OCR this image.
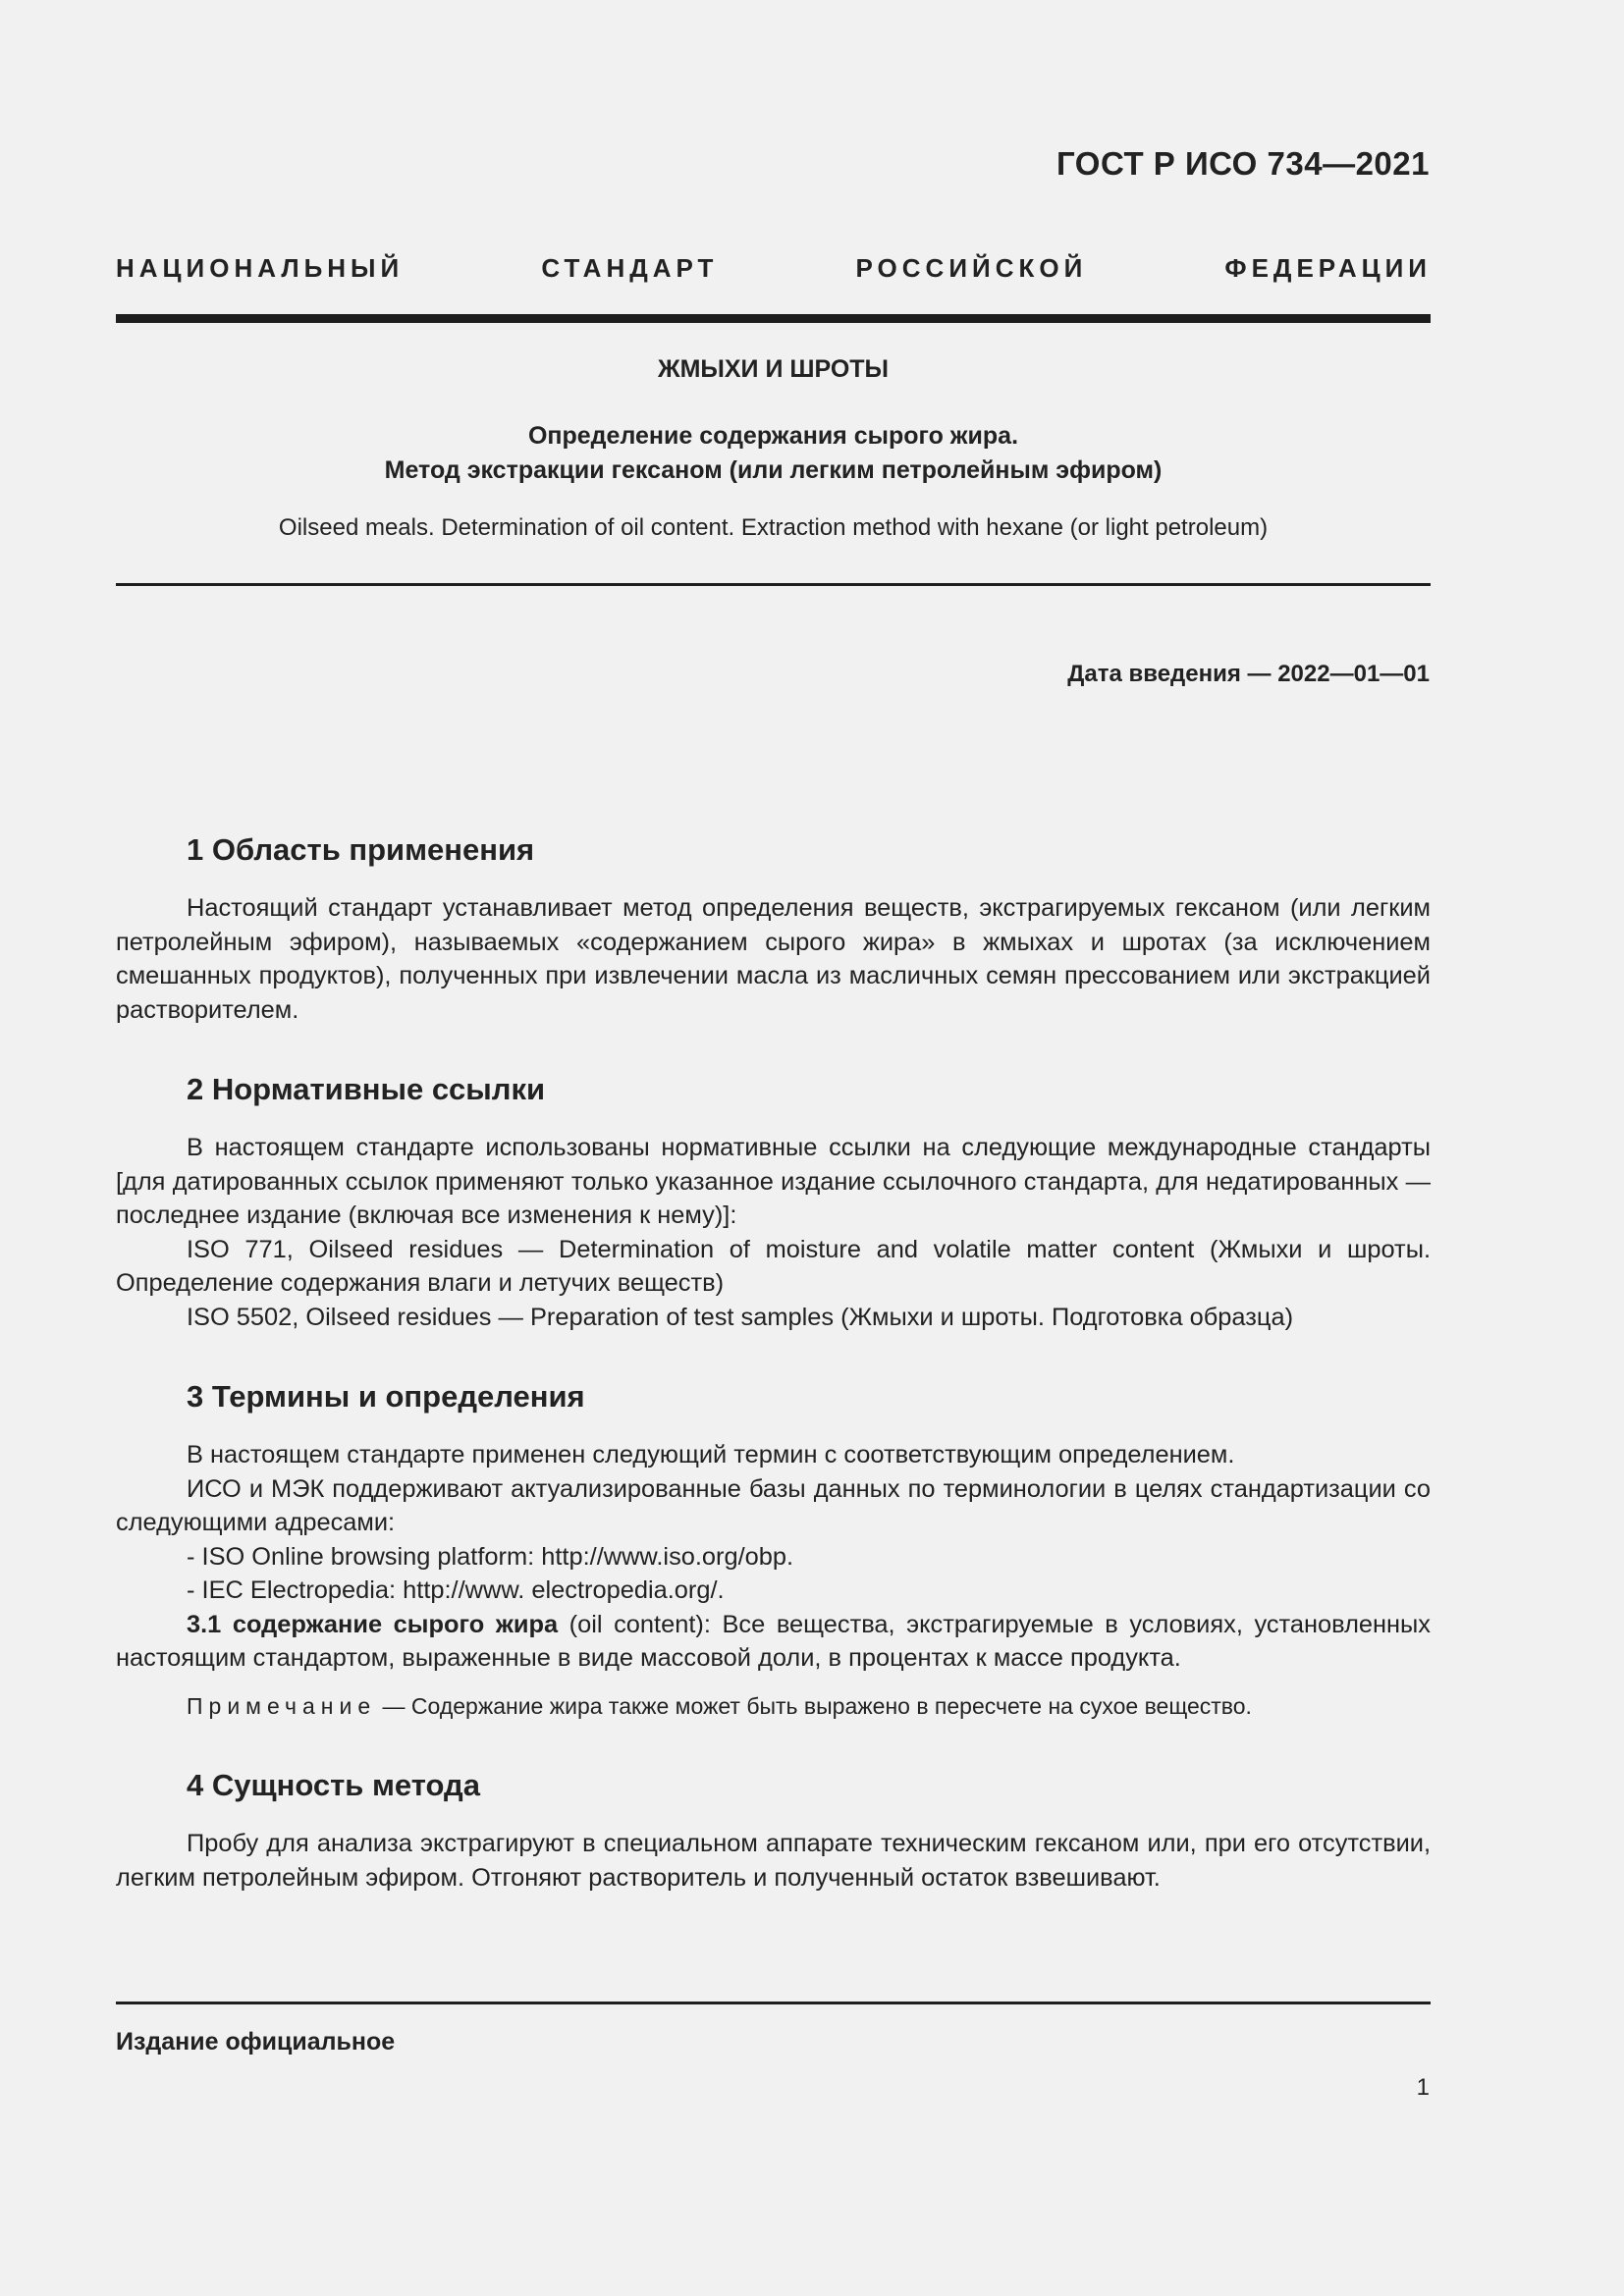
ГОСТ Р ИСО 734—2021
НАЦИОНАЛЬНЫЙ	СТАНДАРТ	РОССИЙСКОЙ	ФЕДЕРАЦИИ
ЖМЫХИ И ШРОТЫ
Определение содержания сырого жира.
Метод экстракции гексаном (или легким петролейным эфиром)
Oilseed meals. Determination of oil content. Extraction method with hexane (or light petroleum)
Дата введения — 2022—01—01
1 Область применения

Настоящий стандарт устанавливает метод определения веществ, экстрагируемых гексаном (или легким петролейным эфиром), называемых «содержанием сырого жира» в жмыхах и шротах (за исключением смешанных продуктов), полученных при извлечении масла из масличных семян прессованием или экстракцией растворителем.

2 Нормативные ссылки

В настоящем стандарте использованы нормативные ссылки на следующие международные стандарты [для датированных ссылок применяют только указанное издание ссылочного стандарта, для недатированных — последнее издание (включая все изменения к нему)]:

ISO 771, Oilseed residues — Determination of moisture and volatile matter content (Жмыхи и шроты. Определение содержания влаги и летучих веществ)

ISO 5502, Oilseed residues — Preparation of test samples (Жмыхи и шроты. Подготовка образца)

3 Термины и определения

В настоящем стандарте применен следующий термин с соответствующим определением.

ИСО и МЭК поддерживают актуализированные базы данных по терминологии в целях стандартизации со следующими адресами:

- ISO Online browsing platform: http://www.iso.org/obp.

- IEC Electropedia: http://www. electropedia.org/.

3.1 содержание сырого жира (oil content): Все вещества, экстрагируемые в условиях, установленных настоящим стандартом, выраженные в виде массовой доли, в процентах к массе продукта.

Примечание — Содержание жира также может быть выражено в пересчете на сухое вещество.

4 Сущность метода

Пробу для анализа экстрагируют в специальном аппарате техническим гексаном или, при его отсутствии, легким петролейным эфиром. Отгоняют растворитель и полученный остаток взвешивают.

Издание официальное
1
